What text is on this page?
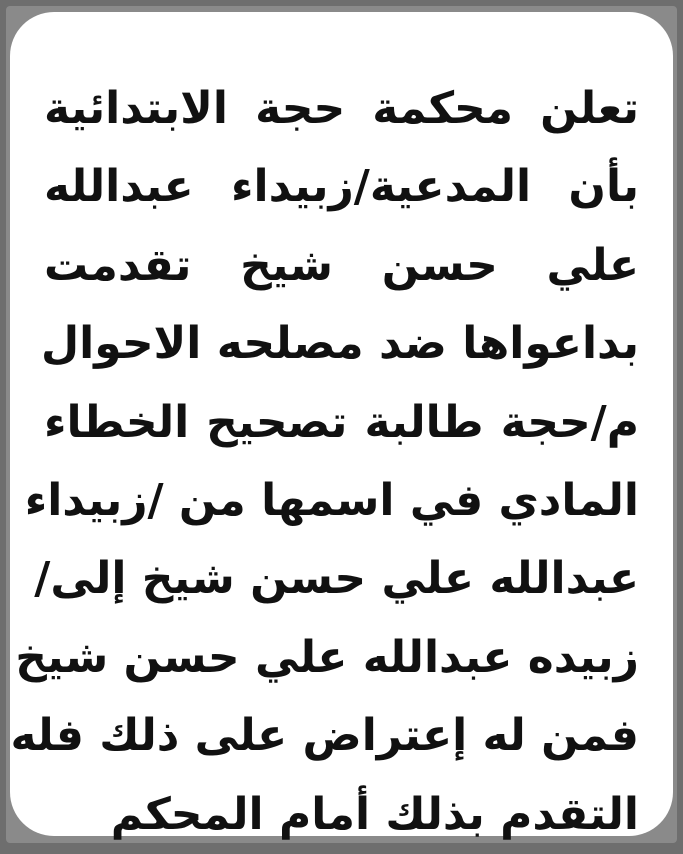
تعلن محكمة حجة الابتدائية
بأن المدعية/زبيداء عبدالله
علي حسن شيخ تقدمت
بداعواها ضد مصلحه الاحوال
م/حجة طالبة تصحيح الخطاء
المادي في اسمها من /زبيداء
عبدالله علي حسن شيخ إلى/
زبيده عبدالله علي حسن شيخ
فمن له إعتراض على ذلك فله
التقدم بذلك أمام المحكم
